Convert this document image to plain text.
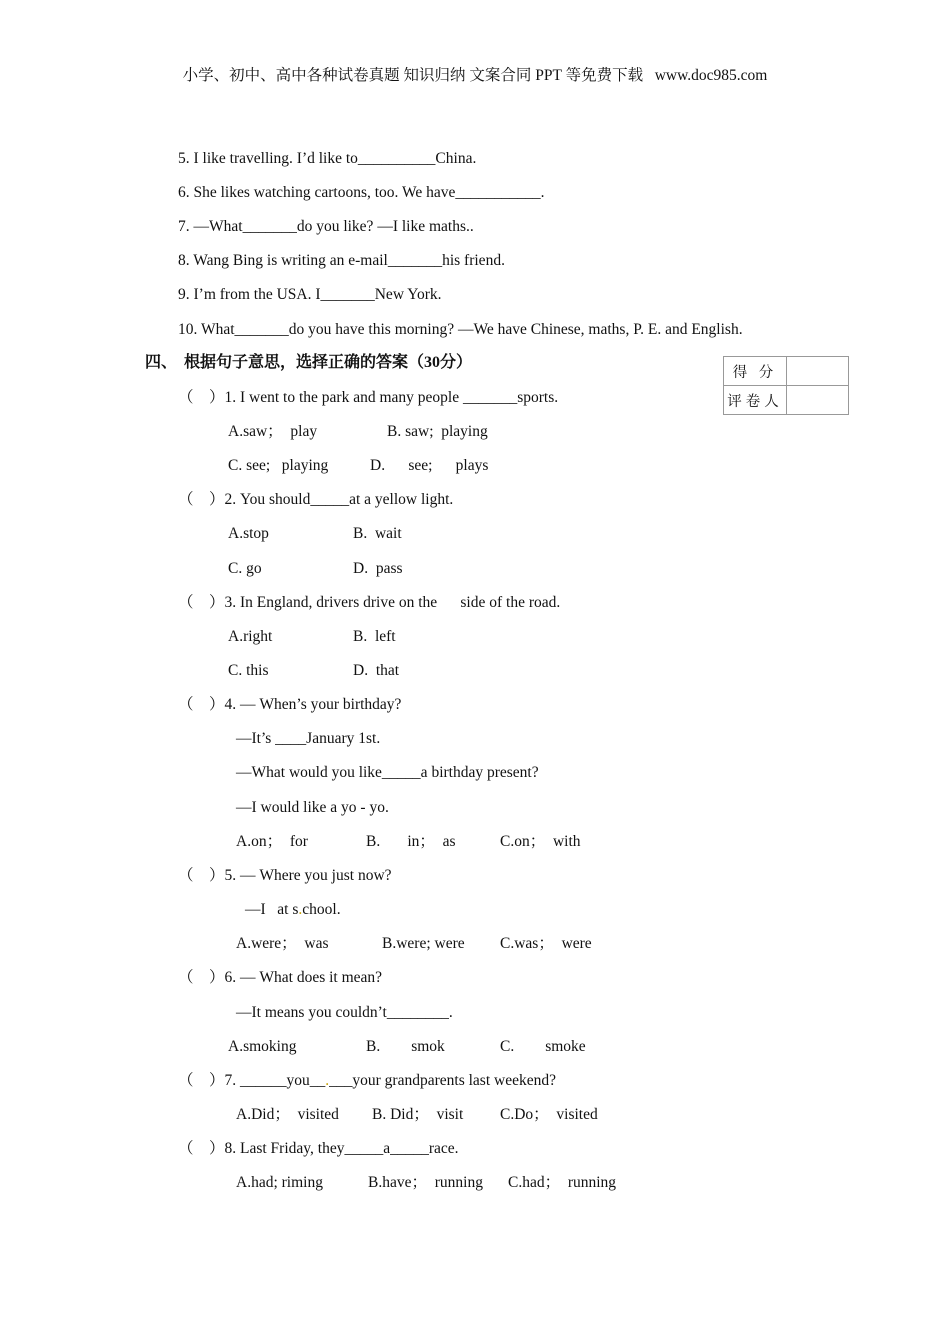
小学、初中、高中各种试卷真题 知识归纳 文案合同 PPT 等免费下载   www.doc985.com
5. I like travelling. I’d like to__________China.
6. She likes watching cartoons, too. We have___________.
7. —What_______do you like? —I like maths..
8. Wang Bing is writing an e-mail_______his friend.
9. I’m from the USA. I_______New York.
10. What_______do you have this morning? —We have Chinese, maths, P. E. and English.
四、 根据句子意思，选择正确的答案（30分）
得 分	
评卷人	
（    ）1. I went to the park and many people _______sports.
A.saw；  play	B. saw;  playing
C. see;   playing	D.      see;      plays
（    ）2. You should_____at a yellow light.
A.stop	B.  wait
C. go	D.  pass
（    ）3. In England, drivers drive on the      side of the road.
A.right	B.  left
C. this	D.  that
（    ）4. — When’s your birthday?
—It’s ____January 1st.
—What would you like_____a birthday present?
—I would like a yo - yo.
A.on；  for	B.       in；  as	C.on；  with
（    ）5. — Where you just now?
—I   at s.chool.
A.were；  was	B.were; were C.was；  were
（    ）6. — What does it mean?
—It means you couldn’t________.
A.smoking	B.        smok	C.        smoke
（    ）7. ______you__.___your grandparents last weekend?
A.Did；  visited B. Did；  visit C.Do；  visited
（    ）8. Last Friday, they_____a_____race.
A.had; riming	B.have；  running C.had；  running
